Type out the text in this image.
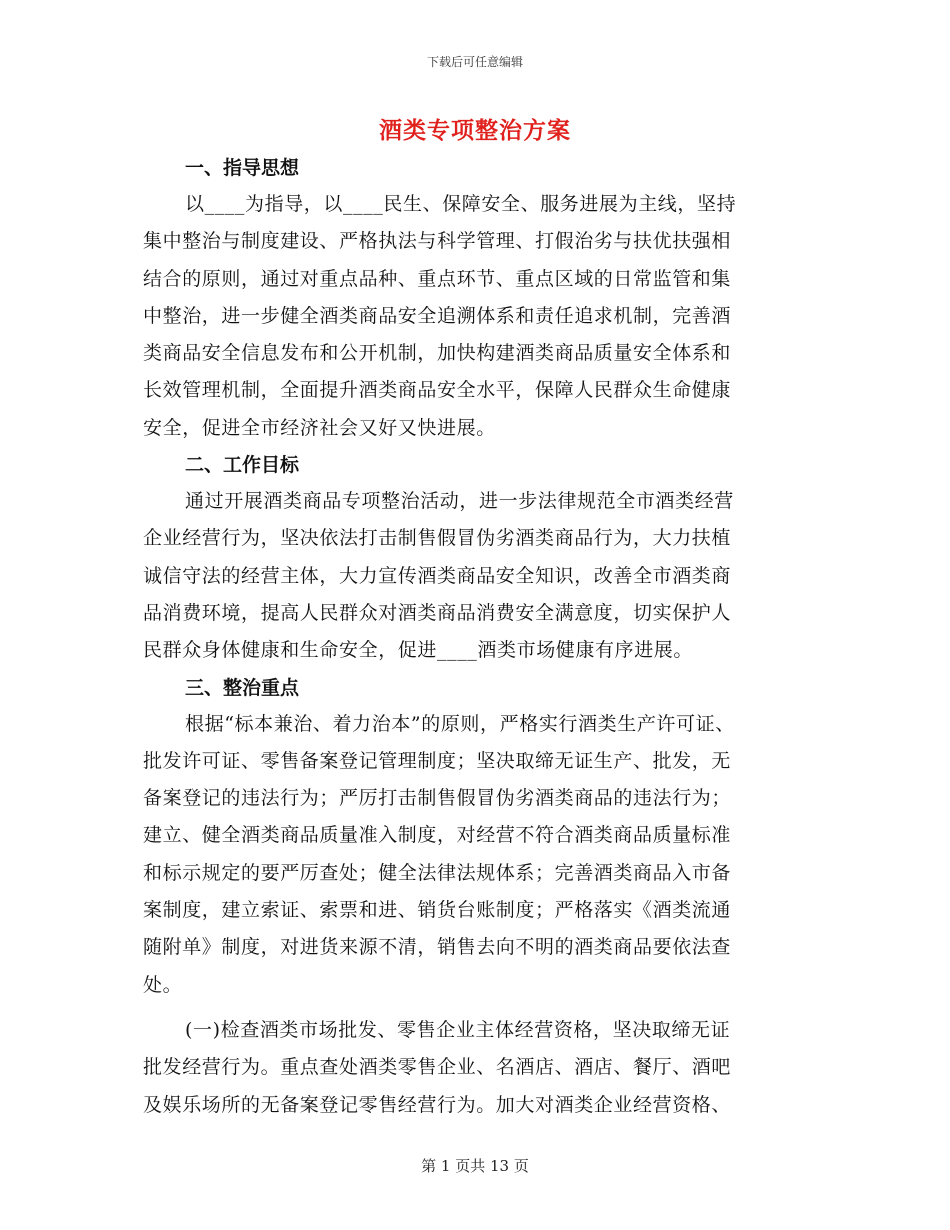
下载后可任意编辑
酒类专项整治方案
一、指导思想
以____为指导，以____民生、保障安全、服务进展为主线，坚持
集中整治与制度建设、严格执法与科学管理、打假治劣与扶优扶强相
结合的原则，通过对重点品种、重点环节、重点区域的日常监管和集
中整治，进一步健全酒类商品安全追溯体系和责任追求机制，完善酒
类商品安全信息发布和公开机制，加快构建酒类商品质量安全体系和
长效管理机制，全面提升酒类商品安全水平，保障人民群众生命健康
安全，促进全市经济社会又好又快进展。
二、工作目标
通过开展酒类商品专项整治活动，进一步法律规范全市酒类经营
企业经营行为，坚决依法打击制售假冒伪劣酒类商品行为，大力扶植
诚信守法的经营主体，大力宣传酒类商品安全知识，改善全市酒类商
品消费环境，提高人民群众对酒类商品消费安全满意度，切实保护人
民群众身体健康和生命安全，促进____酒类市场健康有序进展。
三、整治重点
根据“标本兼治、着力治本”的原则，严格实行酒类生产许可证、
批发许可证、零售备案登记管理制度；坚决取缔无证生产、批发，无
备案登记的违法行为；严厉打击制售假冒伪劣酒类商品的违法行为；
建立、健全酒类商品质量准入制度，对经营不符合酒类商品质量标准
和标示规定的要严厉查处；健全法律法规体系；完善酒类商品入市备
案制度，建立索证、索票和进、销货台账制度；严格落实《酒类流通
随附单》制度，对进货来源不清，销售去向不明的酒类商品要依法查
处。
(一)检查酒类市场批发、零售企业主体经营资格，坚决取缔无证
批发经营行为。重点查处酒类零售企业、名酒店、酒店、餐厅、酒吧
及娱乐场所的无备案登记零售经营行为。加大对酒类企业经营资格、
第 1 页共 13 页
